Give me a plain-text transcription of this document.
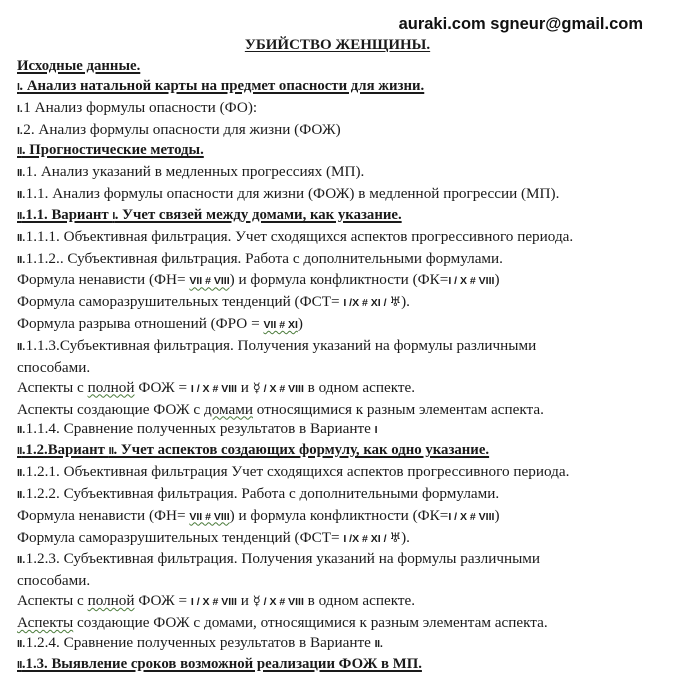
auraki.com sgneur@gmail.com
УБИЙСТВО ЖЕНЩИНЫ.
Исходные данные.
I. Анализ натальной карты на предмет опасности для жизни.
I.1 Анализ формулы опасности (ФО):
I.2. Анализ формулы опасности для жизни (ФОЖ)
II. Прогностические методы.
II.1. Анализ указаний в медленных прогрессиях (МП).
II.1.1. Анализ формулы опасности для жизни (ФОЖ) в медленной прогрессии (МП).
II.1.1. Вариант I. Учет связей между домами, как указание.
II.1.1.1. Объективная фильтрация. Учет сходящихся аспектов прогрессивного периода.
II.1.1.2.. Субъективная фильтрация. Работа с дополнительными формулами.
Формула ненависти (ФН= VII # VIII) и формула конфликтности (ФК=I / X # VIII)
Формула саморазрушительных тенденций (ФСТ= I /X # XI / ♅).
Формула разрыва отношений (ФРО = VII # XI)
II.1.1.3.Субъективная фильтрация. Получения указаний на формулы различными
способами.
Аспекты с полной ФОЖ = I / X # VIII и ☿ / X # VIII в одном аспекте.
Аспекты создающие ФОЖ с домами относящимися к разным элементам аспекта.
II.1.1.4. Сравнение полученных результатов в Варианте I
II.1.2.Вариант II. Учет аспектов создающих формулу, как одно указание.
II.1.2.1. Объективная фильтрация Учет сходящихся аспектов прогрессивного периода.
II.1.2.2. Субъективная фильтрация. Работа с дополнительными формулами.
Формула ненависти (ФН= VII # VIII) и формула конфликтности (ФК=I / X # VIII)
Формула саморазрушительных тенденций (ФСТ= I /X # XI / ♅).
II.1.2.3. Субъективная фильтрация. Получения указаний на формулы различными
способами.
Аспекты с полной ФОЖ = I / X # VIII и ☿ / X # VIII в одном аспекте.
Аспекты создающие ФОЖ с домами, относящимися к разным элементам аспекта.
II.1.2.4. Сравнение полученных результатов в Варианте II.
II.1.3. Выявление сроков возможной реализации ФОЖ в МП.
